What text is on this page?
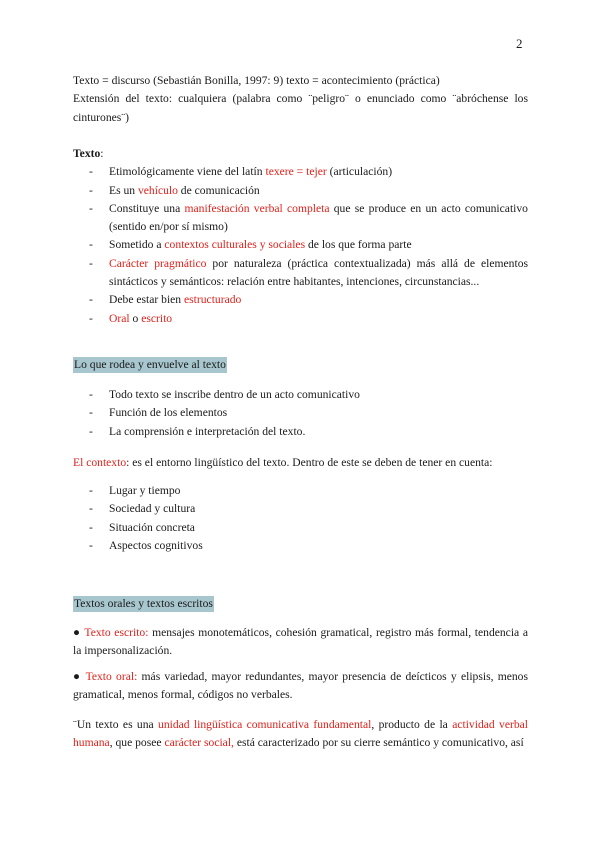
2
Texto = discurso (Sebastián Bonilla, 1997: 9) texto = acontecimiento (práctica)
Extensión del texto: cualquiera (palabra como ¨peligro¨ o enunciado como ¨abróchense los cinturones¨)
Texto:
- Etimológicamente viene del latín texere = tejer (articulación)
- Es un vehículo de comunicación
- Constituye una manifestación verbal completa que se produce en un acto comunicativo (sentido en/por sí mismo)
- Sometido a contextos culturales y sociales de los que forma parte
- Carácter pragmático por naturaleza (práctica contextualizada) más allá de elementos sintácticos y semánticos: relación entre habitantes, intenciones, circunstancias...
- Debe estar bien estructurado
- Oral o escrito
Lo que rodea y envuelve al texto
- Todo texto se inscribe dentro de un acto comunicativo
- Función de los elementos
- La comprensión e interpretación del texto.
El contexto: es el entorno lingüístico del texto. Dentro de este se deben de tener en cuenta:
- Lugar y tiempo
- Sociedad y cultura
- Situación concreta
- Aspectos cognitivos
Textos orales y textos escritos
● Texto escrito: mensajes monotemáticos, cohesión gramatical, registro más formal, tendencia a la impersonalización.
● Texto oral: más variedad, mayor redundantes, mayor presencia de deícticos y elipsis, menos gramatical, menos formal, códigos no verbales.
¨Un texto es una unidad lingüística comunicativa fundamental, producto de la actividad verbal humana, que posee carácter social, está caracterizado por su cierre semántico y comunicativo, así
